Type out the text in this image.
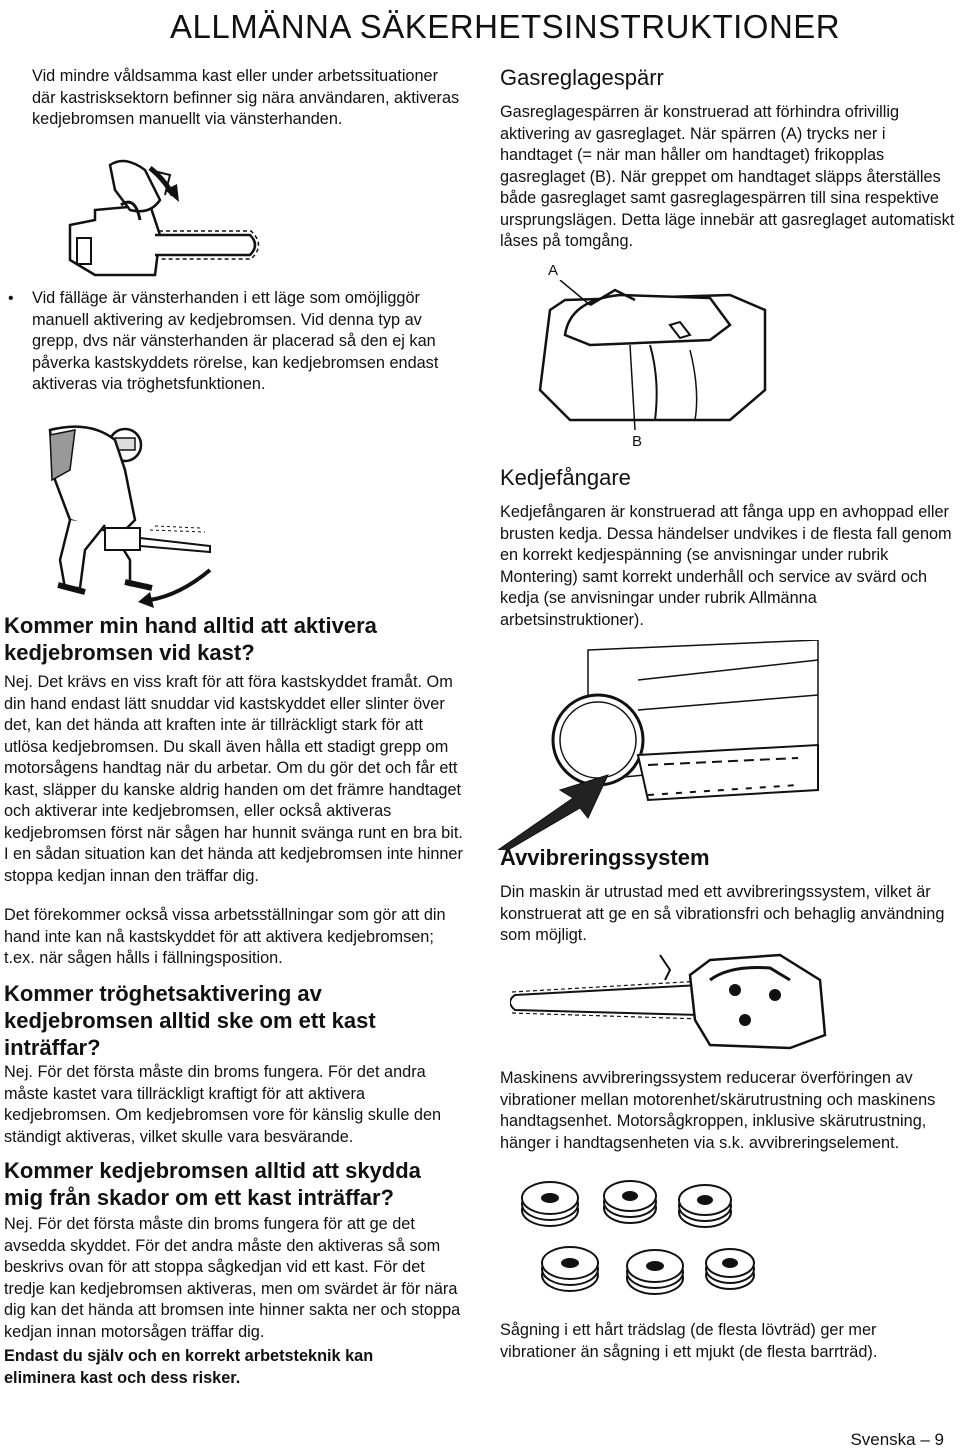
ALLMÄNNA SÄKERHETSINSTRUKTIONER

Vid mindre våldsamma kast eller under arbetssituationer där kastrisksektorn befinner sig nära användaren, aktiveras kedjebromsen manuellt via vänsterhanden.

• Vid fälläge är vänsterhanden i ett läge som omöjliggör manuell aktivering av kedjebromsen. Vid denna typ av grepp, dvs när vänsterhanden är placerad så den ej kan påverka kastskyddets rörelse, kan kedjebromsen endast aktiveras via tröghetsfunktionen.

Kommer min hand alltid att aktivera kedjebromsen vid kast?

Nej. Det krävs en viss kraft för att föra kastskyddet framåt. Om din hand endast lätt snuddar vid kastskyddet eller slinter över det, kan det hända att kraften inte är tillräckligt stark för att utlösa kedjebromsen. Du skall även hålla ett stadigt grepp om motorsågens handtag när du arbetar. Om du gör det och får ett kast, släpper du kanske aldrig handen om det främre handtaget och aktiverar inte kedjebromsen, eller också aktiveras kedjebromsen först när sågen har hunnit svänga runt en bra bit. I en sådan situation kan det hända att kedjebromsen inte hinner stoppa kedjan innan den träffar dig.

Det förekommer också vissa arbetsställningar som gör att din hand inte kan nå kastskyddet för att aktivera kedjebromsen; t.ex. när sågen hålls i fällningsposition.

Kommer tröghetsaktivering av kedjebromsen alltid ske om ett kast inträffar?

Nej. För det första måste din broms fungera. För det andra måste kastet vara tillräckligt kraftigt för att aktivera kedjebromsen. Om kedjebromsen vore för känslig skulle den ständigt aktiveras, vilket skulle vara besvärande.

Kommer kedjebromsen alltid att skydda mig från skador om ett kast inträffar?

Nej. För det första måste din broms fungera för att ge det avsedda skyddet. För det andra måste den aktiveras så som beskrivs ovan för att stoppa sågkedjan vid ett kast. För det tredje kan kedjebromsen aktiveras, men om svärdet är för nära dig kan det hända att bromsen inte hinner sakta ner och stoppa kedjan innan motorsågen träffar dig.

Endast du själv och en korrekt arbetsteknik kan eliminera kast och dess risker.

Gasreglagespärr

Gasreglagespärren är konstruerad att förhindra ofrivillig aktivering av gasreglaget. När spärren (A) trycks ner i handtaget (= när man håller om handtaget) frikopplas gasreglaget (B). När greppet om handtaget släpps återställes både gasreglaget samt gasreglagespärren till sina respektive ursprungslägen. Detta läge innebär att gasreglaget automatiskt låses på tomgång.

A
B
Kedjefångare

Kedjefångaren är konstruerad att fånga upp en avhoppad eller brusten kedja. Dessa händelser undvikes i de flesta fall genom en korrekt kedjespänning (se anvisningar under rubrik Montering) samt korrekt underhåll och service av svärd och kedja (se anvisningar under rubrik Allmänna arbetsinstruktioner).

Avvibreringssystem

Din maskin är utrustad med ett avvibreringssystem, vilket är konstruerat att ge en så vibrationsfri och behaglig användning som möjligt.

Maskinens avvibreringssystem reducerar överföringen av vibrationer mellan motorenhet/skärutrustning och maskinens handtagsenhet. Motorsågkroppen, inklusive skärutrustning, hänger i handtagsenheten via s.k. avvibreringselement.

Sågning i ett hårt trädslag (de flesta lövträd) ger mer vibrationer än sågning i ett mjukt (de flesta barrträd).

Svenska – 9
